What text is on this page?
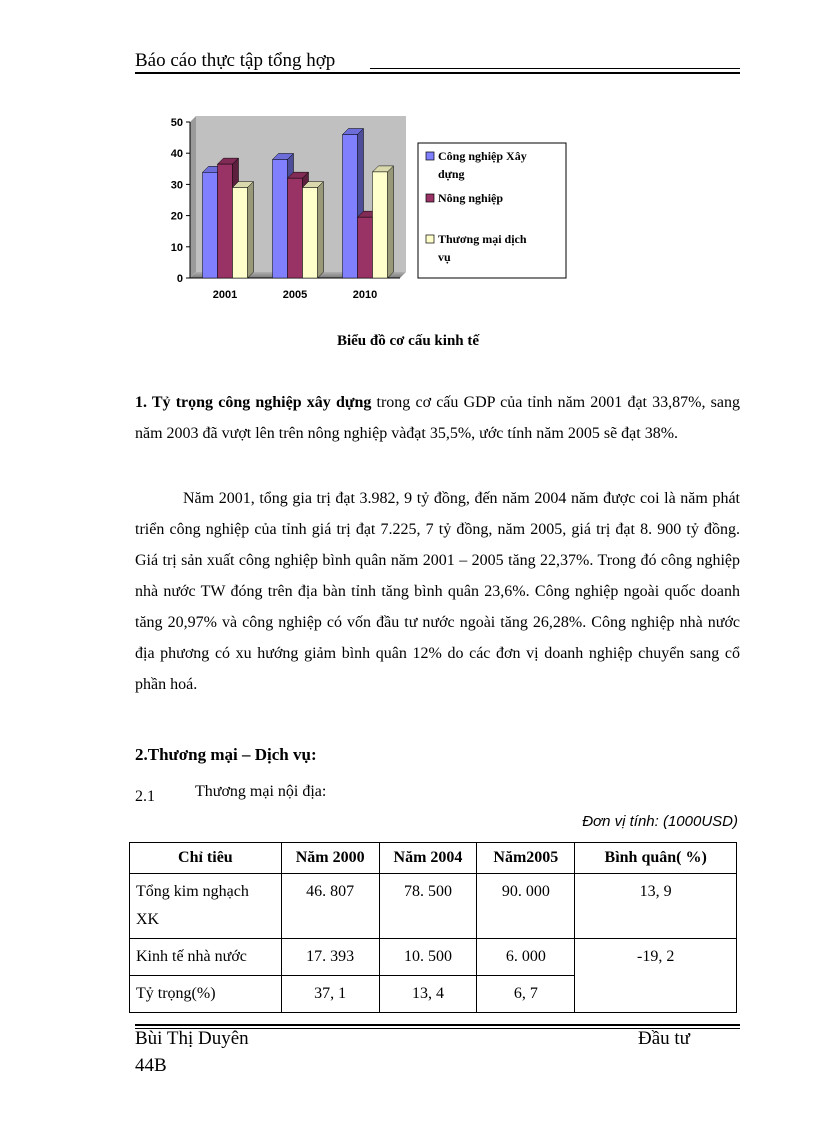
Báo cáo thực tập tổng hợp
0
10
20
30
40
50
2001	2005	2010
Công nghiệp Xây
dựng
Nông nghiệp
Thương mại dịch
vụ
Biểu đồ cơ cấu kinh tế
1. Tỷ trọng công nghiệp xây dựng trong cơ cấu GDP của tỉnh năm 2001 đạt 33,87%, sang năm 2003 đã vượt lên trên nông nghiệp vàđạt 35,5%, ước tính năm 2005 sẽ đạt 38%.
Năm 2001, tổng gia trị đạt 3.982, 9 tỷ đồng, đến năm 2004 năm được coi là năm phát triển công nghiệp của tỉnh giá trị đạt 7.225, 7 tỷ đồng, năm 2005, giá trị đạt 8. 900 tỷ đồng. Giá trị sản xuất công nghiệp bình quân năm 2001 – 2005 tăng 22,37%. Trong đó công nghiệp nhà nước TW đóng trên địa bàn tỉnh tăng bình quân 23,6%. Công nghiệp ngoài quốc doanh tăng 20,97% và công nghiệp có vốn đầu tư nước ngoài tăng 26,28%. Công nghiệp nhà nước địa phương có xu hướng giảm bình quân 12% do các đơn vị doanh nghiệp chuyển sang cổ phần hoá.
2.Thương mại – Dịch vụ:
2.1	Thương mại nội địa:
Đơn vị tính: (1000USD)
Chỉ tiêu	Năm 2000	Năm 2004	Năm2005	Bình quân( %)
Tổng kim nghạch XK	46. 807	78. 500	90. 000	13, 9
Kinh tế nhà nước	17. 393	10. 500	6. 000	-19, 2
Tỷ trọng(%)	37, 1	13, 4	6, 7	
Bùi Thị Duyên
44B
Đầu tư
